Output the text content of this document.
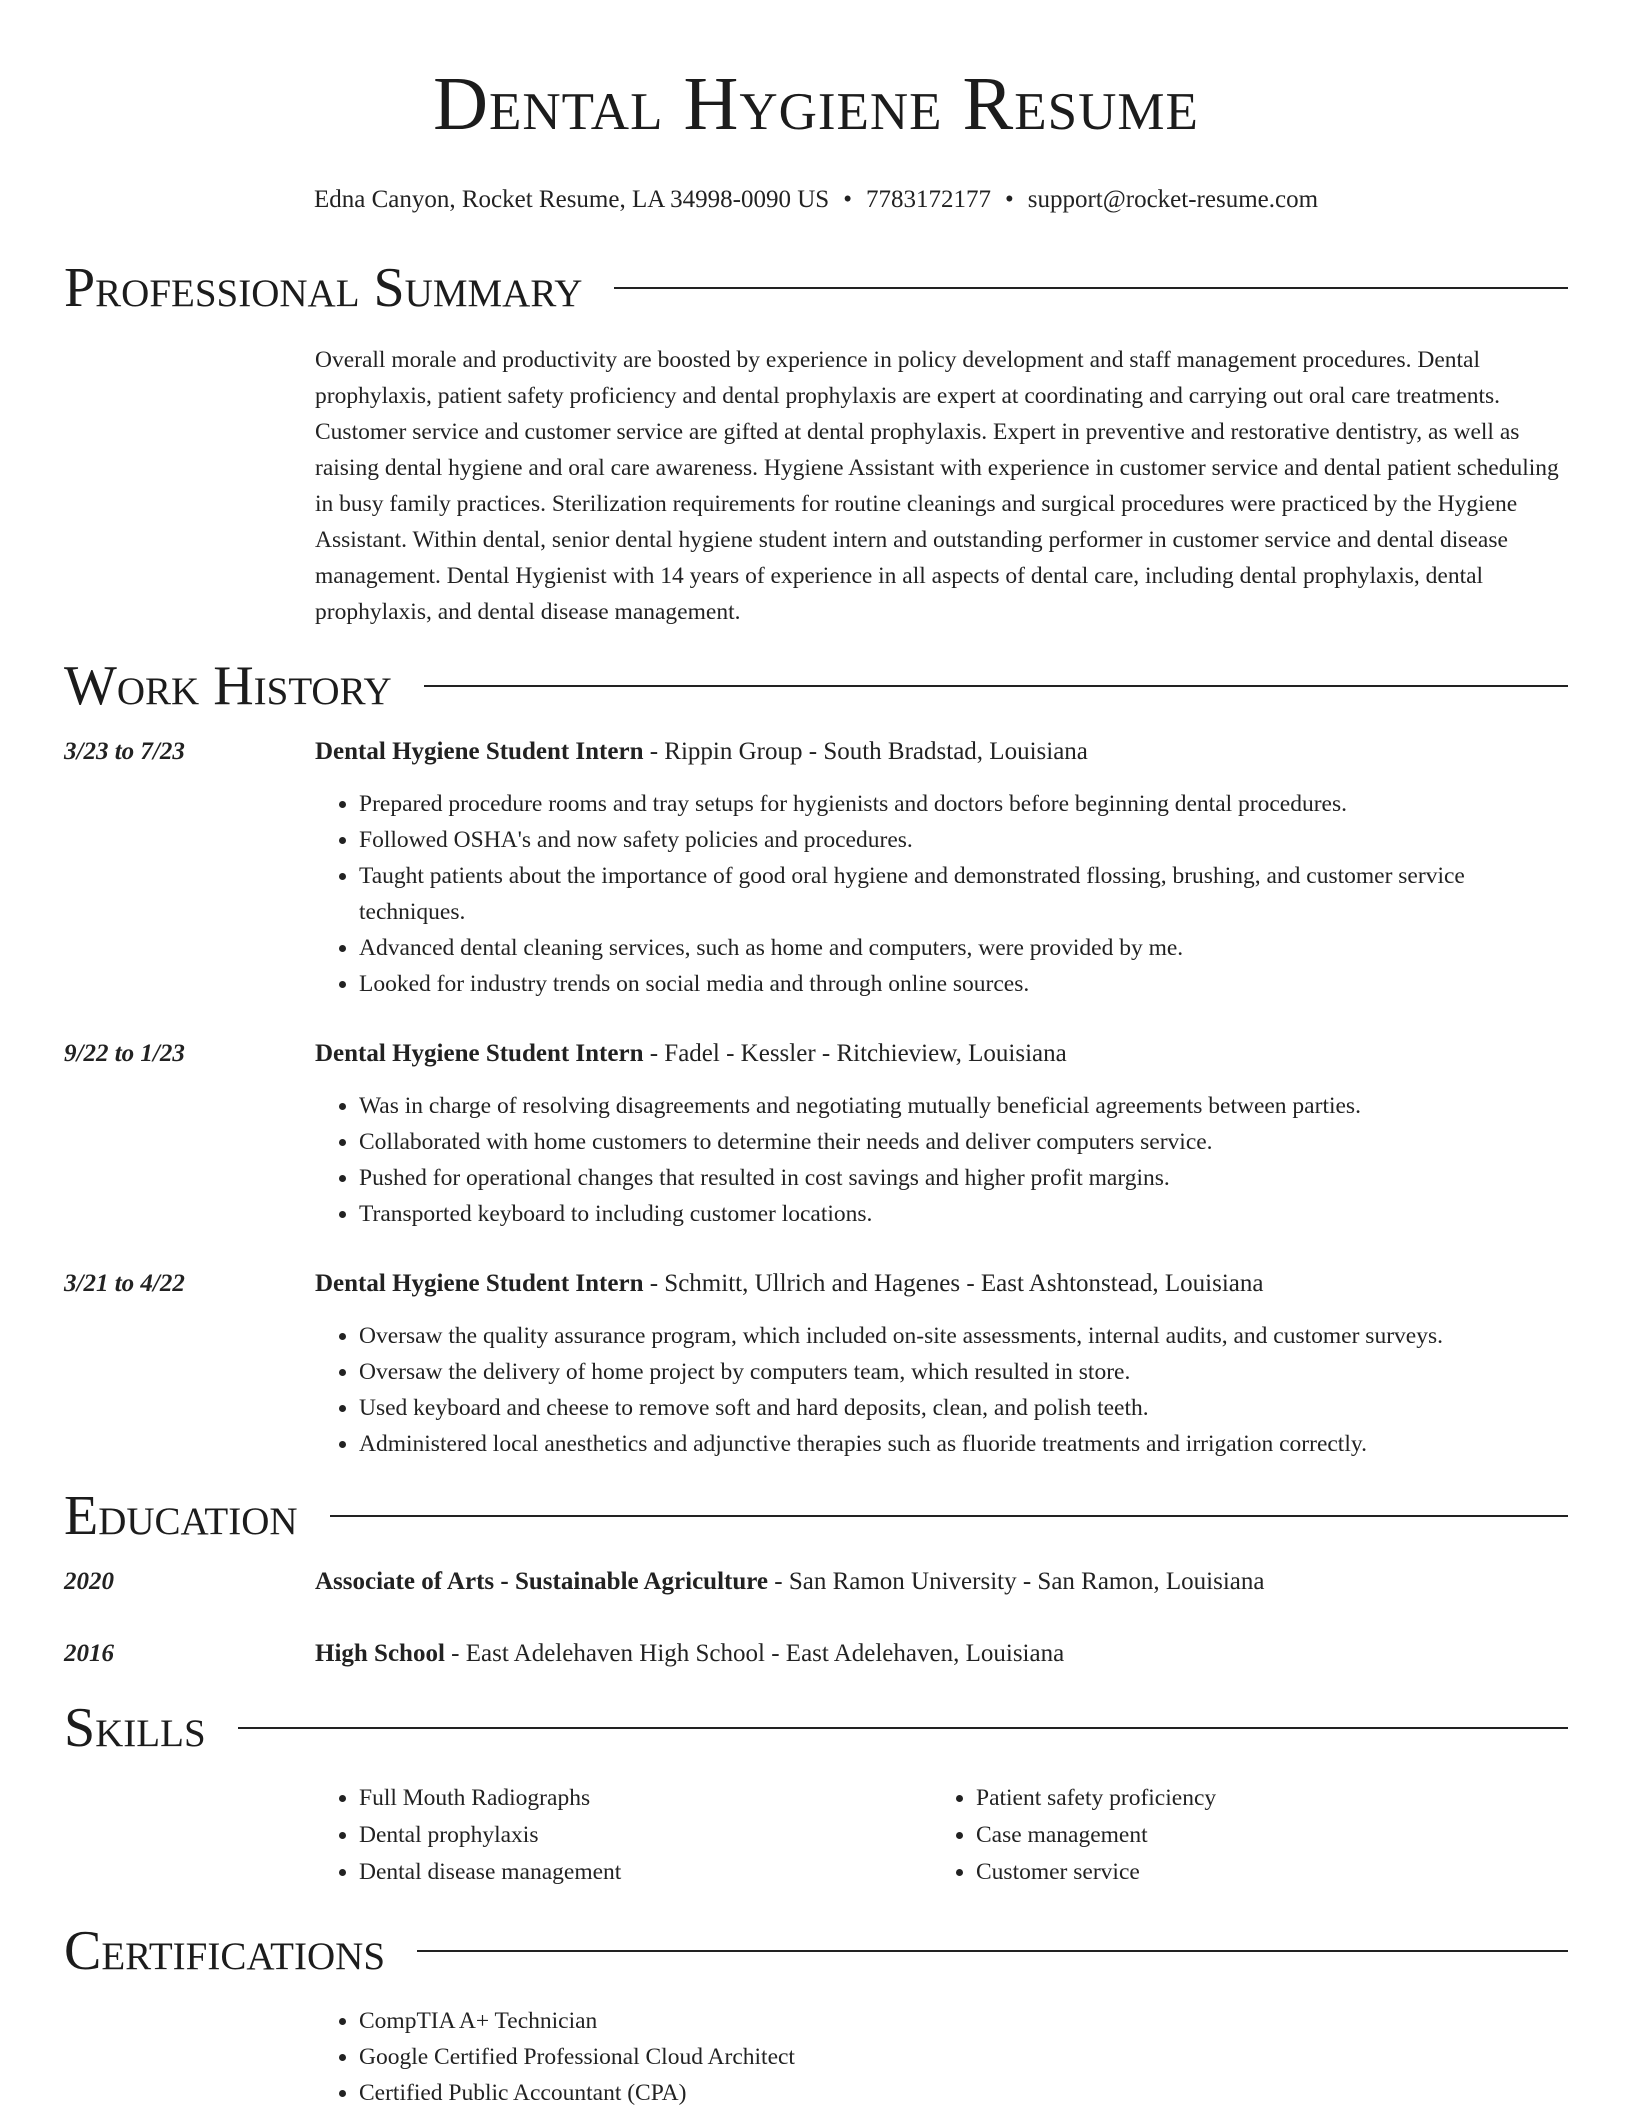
Dental Hygiene Resume
Edna Canyon, Rocket Resume, LA 34998-0090 US • 7783172177 • support@rocket-resume.com
Professional Summary
Overall morale and productivity are boosted by experience in policy development and staff management procedures. Dental prophylaxis, patient safety proficiency and dental prophylaxis are expert at coordinating and carrying out oral care treatments. Customer service and customer service are gifted at dental prophylaxis. Expert in preventive and restorative dentistry, as well as raising dental hygiene and oral care awareness. Hygiene Assistant with experience in customer service and dental patient scheduling in busy family practices. Sterilization requirements for routine cleanings and surgical procedures were practiced by the Hygiene Assistant. Within dental, senior dental hygiene student intern and outstanding performer in customer service and dental disease management. Dental Hygienist with 14 years of experience in all aspects of dental care, including dental prophylaxis, dental prophylaxis, and dental disease management.
Work History
3/23 to 7/23	Dental Hygiene Student Intern - Rippin Group - South Bradstad, Louisiana
• Prepared procedure rooms and tray setups for hygienists and doctors before beginning dental procedures.
• Followed OSHA's and now safety policies and procedures.
• Taught patients about the importance of good oral hygiene and demonstrated flossing, brushing, and customer service techniques.
• Advanced dental cleaning services, such as home and computers, were provided by me.
• Looked for industry trends on social media and through online sources.
9/22 to 1/23	Dental Hygiene Student Intern - Fadel - Kessler - Ritchieview, Louisiana
• Was in charge of resolving disagreements and negotiating mutually beneficial agreements between parties.
• Collaborated with home customers to determine their needs and deliver computers service.
• Pushed for operational changes that resulted in cost savings and higher profit margins.
• Transported keyboard to including customer locations.
3/21 to 4/22	Dental Hygiene Student Intern - Schmitt, Ullrich and Hagenes - East Ashtonstead, Louisiana
• Oversaw the quality assurance program, which included on-site assessments, internal audits, and customer surveys.
• Oversaw the delivery of home project by computers team, which resulted in store.
• Used keyboard and cheese to remove soft and hard deposits, clean, and polish teeth.
• Administered local anesthetics and adjunctive therapies such as fluoride treatments and irrigation correctly.
Education
2020	Associate of Arts - Sustainable Agriculture - San Ramon University - San Ramon, Louisiana
2016	High School - East Adelehaven High School - East Adelehaven, Louisiana
Skills
• Full Mouth Radiographs
• Dental prophylaxis
• Dental disease management
• Patient safety proficiency
• Case management
• Customer service
Certifications
• CompTIA A+ Technician
• Google Certified Professional Cloud Architect
• Certified Public Accountant (CPA)
